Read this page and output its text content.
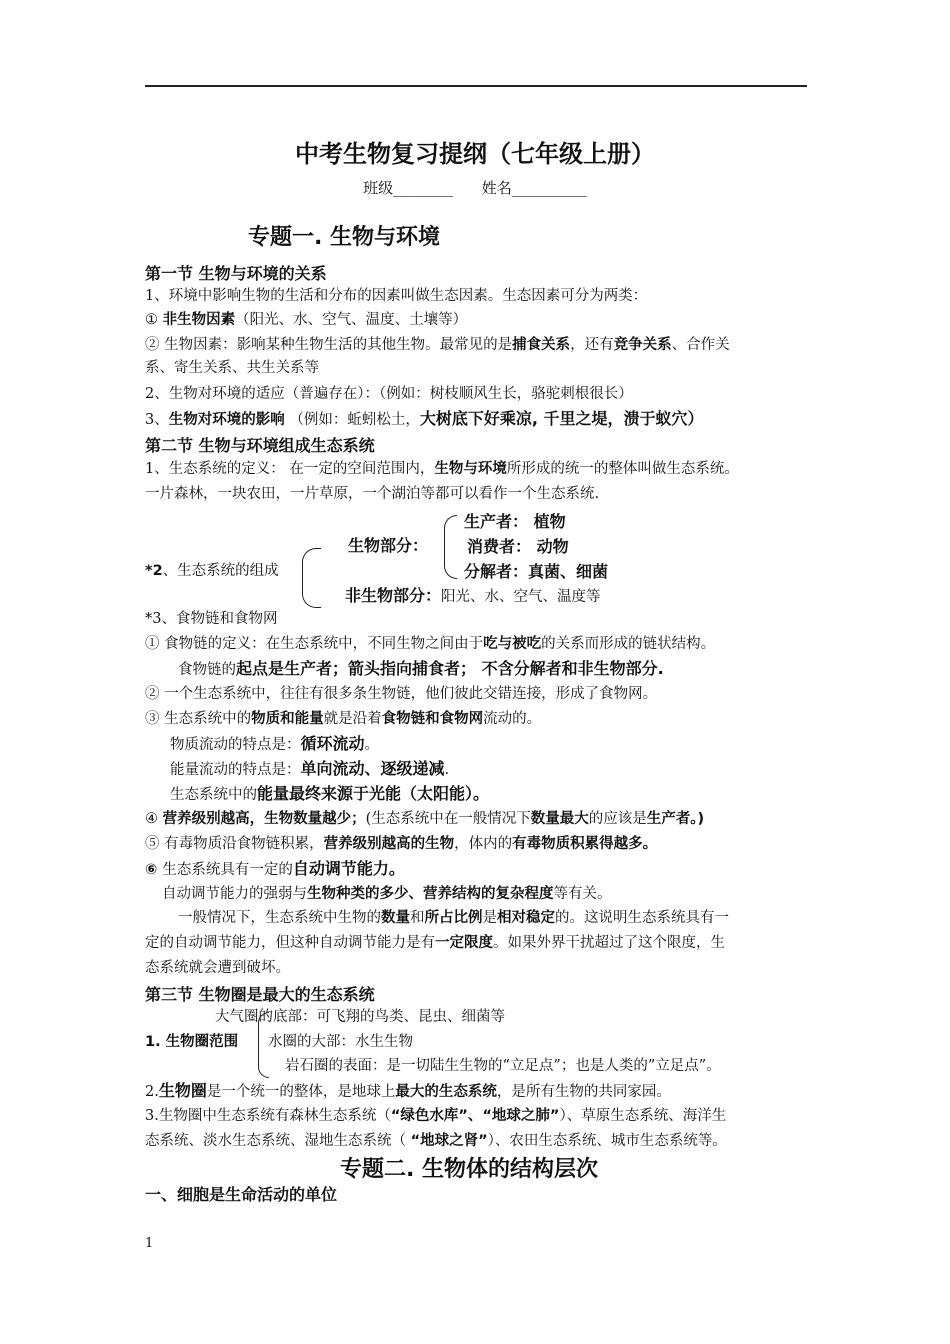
中考生物复习提纲（七年级上册）
班级________ 姓名__________
专题一. 生物与环境
第一节 生物与环境的关系
1、环境中影响生物的生活和分布的因素叫做生态因素。生态因素可分为两类：
① 非生物因素（阳光、水、空气、温度、土壤等）
② 生物因素：影响某种生物生活的其他生物。最常见的是捕食关系，还有竞争关系、合作关
系、寄生关系、共生关系等
2、生物对环境的适应（普遍存在）：（例如：树枝顺风生长，骆驼刺根很长）
3、生物对环境的影响 （例如：蚯蚓松土，大树底下好乘凉, 千里之堤，溃于蚁穴）
第二节 生物与环境组成生态系统
1、生态系统的定义： 在一定的空间范围内，生物与环境所形成的统一的整体叫做生态系统。
一片森林，一块农田，一片草原，一个湖泊等都可以看作一个生态系统.
*2、生态系统的组成
生物部分：
生产者： 植物
消费者： 动物
分解者：真菌、细菌
非生物部分：阳光、水、空气、温度等
*3、食物链和食物网
① 食物链的定义：在生态系统中，不同生物之间由于吃与被吃的关系而形成的链状结构。
食物链的起点是生产者；箭头指向捕食者； 不含分解者和非生物部分.
② 一个生态系统中，往往有很多条生物链，他们彼此交错连接，形成了食物网。
③ 生态系统中的物质和能量就是沿着食物链和食物网流动的。
物质流动的特点是：循环流动。
能量流动的特点是：单向流动、逐级递减.
生态系统中的能量最终来源于光能（太阳能）。
④ 营养级别越高，生物数量越少；(生态系统中在一般情况下数量最大的应该是生产者。)
⑤ 有毒物质沿食物链积累，营养级别越高的生物，体内的有毒物质积累得越多。
⑥ 生态系统具有一定的自动调节能力。
自动调节能力的强弱与生物种类的多少、营养结构的复杂程度等有关。
一般情况下，生态系统中生物的数量和所占比例是相对稳定的。这说明生态系统具有一
定的自动调节能力，但这种自动调节能力是有一定限度。如果外界干扰超过了这个限度，生
态系统就会遭到破坏。
第三节 生物圈是最大的生态系统
大气圈的底部：可飞翔的鸟类、昆虫、细菌等
1. 生物圈范围 水圈的大部：水生生物
岩石圈的表面：是一切陆生生物的“立足点”；也是人类的”立足点”。
2.生物圈是一个统一的整体，是地球上最大的生态系统，是所有生物的共同家园。
3.生物圈中生态系统有森林生态系统（“绿色水库”、“地球之肺”）、草原生态系统、海洋生
态系统、淡水生态系统、湿地生态系统（ “地球之肾”）、农田生态系统、城市生态系统等。
专题二. 生物体的结构层次
一、细胞是生命活动的单位
1
